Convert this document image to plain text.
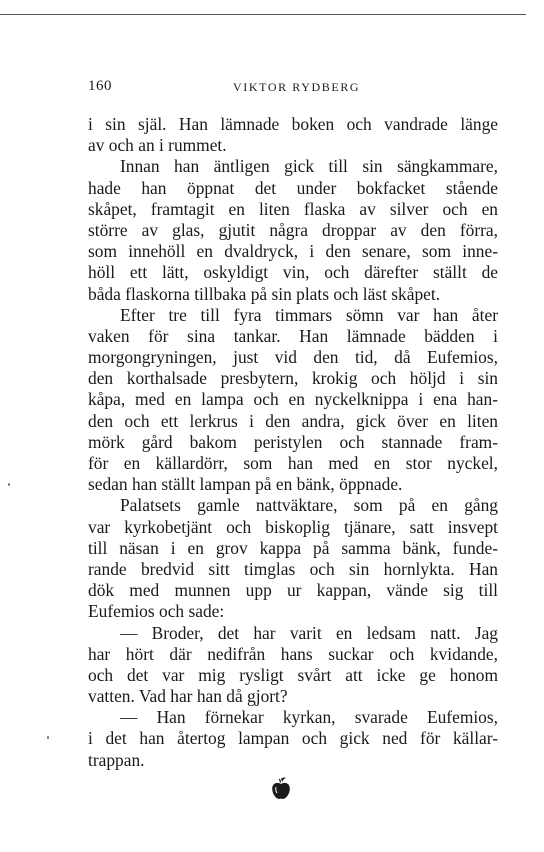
160	VIKTOR RYDBERG
i sin själ. Han lämnade boken och vandrade länge
av och an i rummet.
Innan han äntligen gick till sin sängkammare,
hade han öppnat det under bokfacket stående
skåpet, framtagit en liten flaska av silver och en
större av glas, gjutit några droppar av den förra,
som innehöll en dvaldryck, i den senare, som inne-
höll ett lätt, oskyldigt vin, och därefter ställt de
båda flaskorna tillbaka på sin plats och läst skåpet.
Efter tre till fyra timmars sömn var han åter
vaken för sina tankar. Han lämnade bädden i
morgongryningen, just vid den tid, då Eufemios,
den korthalsade presbytern, krokig och höljd i sin
kåpa, med en lampa och en nyckelknippa i ena han-
den och ett lerkrus i den andra, gick över en liten
mörk gård bakom peristylen och stannade fram-
för en källardörr, som han med en stor nyckel,
sedan han ställt lampan på en bänk, öppnade.
Palatsets gamle nattväktare, som på en gång
var kyrkobetjänt och biskoplig tjänare, satt insvept
till näsan i en grov kappa på samma bänk, funde-
rande bredvid sitt timglas och sin hornlykta. Han
dök med munnen upp ur kappan, vände sig till
Eufemios och sade:
— Broder, det har varit en ledsam natt. Jag
har hört där nedifrån hans suckar och kvidande,
och det var mig rysligt svårt att icke ge honom
vatten. Vad har han då gjort?
— Han förnekar kyrkan, svarade Eufemios,
i det han återtog lampan och gick ned för källar-
trappan.
